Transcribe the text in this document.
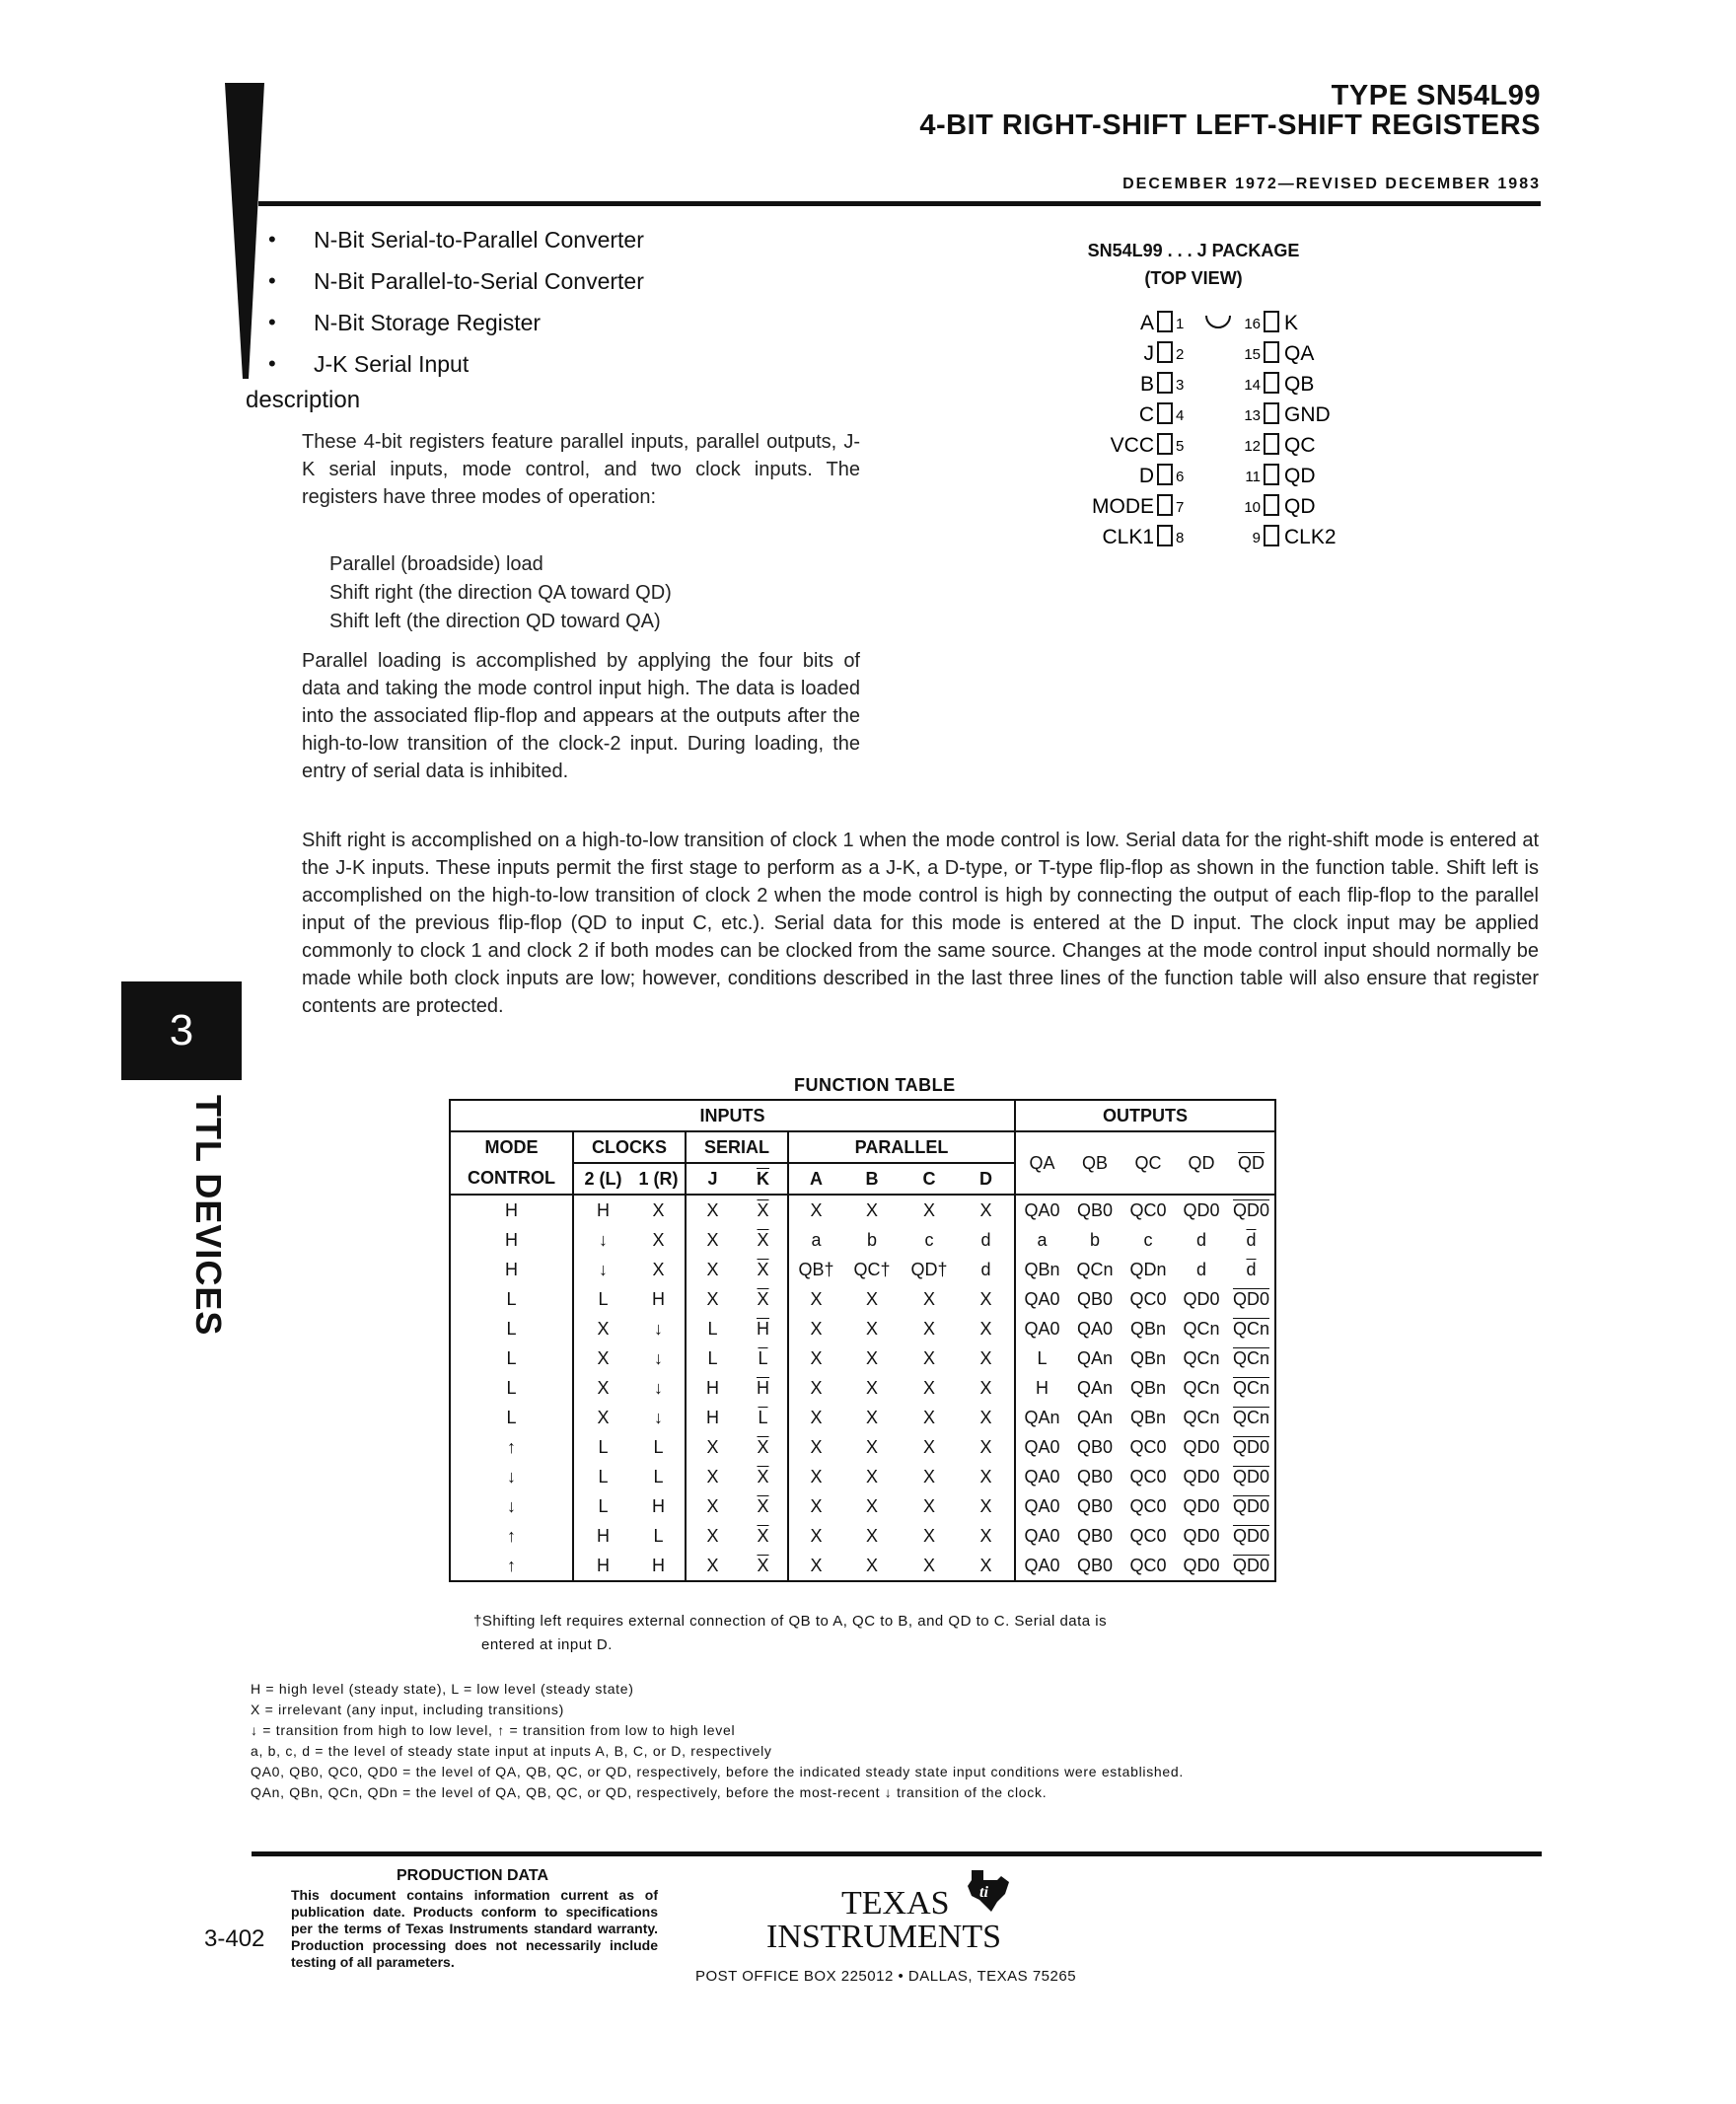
TYPE SN54L99
4-BIT RIGHT-SHIFT LEFT-SHIFT REGISTERS
DECEMBER 1972—REVISED DECEMBER 1983
• N-Bit Serial-to-Parallel Converter
• N-Bit Parallel-to-Serial Converter
• N-Bit Storage Register
• J-K Serial Input
description
These 4-bit registers feature parallel inputs, parallel outputs, J-K serial inputs, mode control, and two clock inputs. The registers have three modes of operation:
Parallel (broadside) load
Shift right (the direction QA toward QD)
Shift left (the direction QD toward QA)
Parallel loading is accomplished by applying the four bits of data and taking the mode control input high. The data is loaded into the associated flip-flop and appears at the outputs after the high-to-low transition of the clock-2 input. During loading, the entry of serial data is inhibited.
Shift right is accomplished on a high-to-low transition of clock 1 when the mode control is low. Serial data for the right-shift mode is entered at the J-K inputs. These inputs permit the first stage to perform as a J-K, a D-type, or T-type flip-flop as shown in the function table. Shift left is accomplished on the high-to-low transition of clock 2 when the mode control is high by connecting the output of each flip-flop to the parallel input of the previous flip-flop (QD to input C, etc.). Serial data for this mode is entered at the D input. The clock input may be applied commonly to clock 1 and clock 2 if both modes can be clocked from the same source. Changes at the mode control input should normally be made while both clock inputs are low; however, conditions described in the last three lines of the function table will also ensure that register contents are protected.
SN54L99 . . . J PACKAGE
(TOP VIEW)
A 1
J 2
B 3
C 4
VCC 5
D 6
MODE 7
CLK1 8
16 K
15 QA
14 QB
13 GND
12 QC
11 QD
10 QD
9 CLK2
FUNCTION TABLE
INPUTS									OUTPUTS				
MODE	CLOCKS		SERIAL		PARALLEL				QA	QB	QC	QD	$\overline{QD}$
CONTROL	2 (L)	1 (R)	J	$\overline{K}$	A	B	C	D					
H	H	X	X	$\overline{X}$	X	X	X	X	QA0	QB0	QC0	QD0	QD0
H	↓	X	X	$\overline{X}$	a	b	c	d	a	b	c	d	$\overline{d}$
H	↓	X	X	$\overline{X}$	QB†	QC†	QD†	d	QBn	QCn	QDn	d	$\overline{d}$
L	L	H	X	$\overline{X}$	X	X	X	X	QA0	QB0	QC0	QD0	QD0
L	X	↓	L	$\overline{H}$	X	X	X	X	QA0	QA0	QBn	QCn	$\overline{QCn}$
L	X	↓	L	$\overline{L}$	X	X	X	X	L	QAn	QBn	QCn	$\overline{QCn}$
L	X	↓	H	$\overline{H}$	X	X	X	X	H	QAn	QBn	QCn	$\overline{QCn}$
L	X	↓	H	$\overline{L}$	X	X	X	X	QAn	QAn	QBn	QCn	$\overline{QCn}$
↑	L	L	X	$\overline{X}$	X	X	X	X	QA0	QB0	QC0	QD0	QD0
↓	L	L	X	$\overline{X}$	X	X	X	X	QA0	QB0	QC0	QD0	QD0
↓	L	H	X	$\overline{X}$	X	X	X	X	QA0	QB0	QC0	QD0	QD0
↑	H	L	X	$\overline{X}$	X	X	X	X	QA0	QB0	QC0	QD0	QD0
↑	H	H	X	$\overline{X}$	X	X	X	X	QA0	QB0	QC0	QD0	QD0
†Shifting left requires external connection of QB to A, QC to B, and QD to C. Serial data is
entered at input D.
H = high level (steady state), L = low level (steady state)
X = irrelevant (any input, including transitions)
↓ = transition from high to low level, ↑ = transition from low to high level
a, b, c, d = the level of steady state input at inputs A, B, C, or D, respectively
QA0, QB0, QC0, QD0 = the level of QA, QB, QC, or QD, respectively, before the indicated steady state input conditions were established.
QAn, QBn, QCn, QDn = the level of QA, QB, QC, or QD, respectively, before the most-recent ↓ transition of the clock.
3
TTL DEVICES
PRODUCTION DATA
This document contains information current as of publication date. Products conform to specifications per the terms of Texas Instruments standard warranty. Production processing does not necessarily include testing of all parameters.
3-402
ti
TEXAS
INSTRUMENTS
POST OFFICE BOX 225012 • DALLAS, TEXAS 75265
